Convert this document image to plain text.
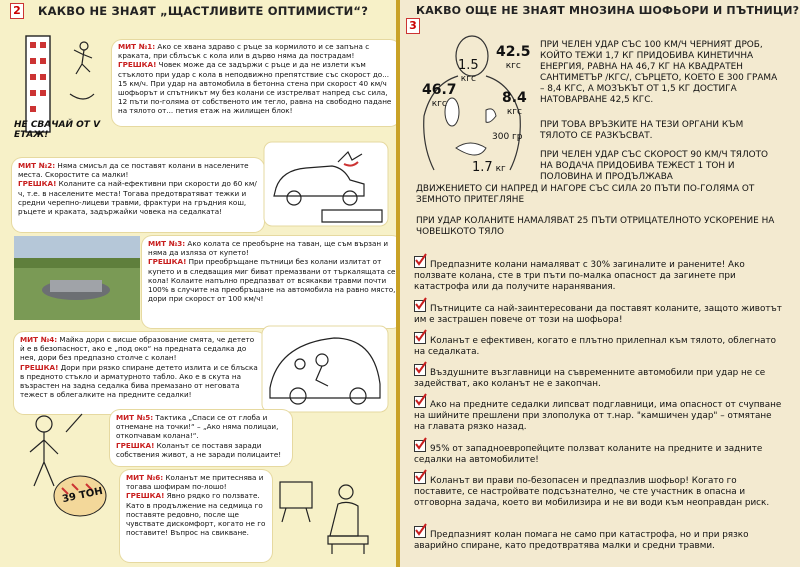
2 КАКВО НЕ ЗНАЯТ „ЩАСТЛИВИТЕ ОПТИМИСТИ“?
НЕ СВАЧАЙ ОТ V ЕТАЖ!

МИТ №1: Ако се хвана здраво с ръце за кормилото и се запъна с краката, при сблъсък с кола или в дърво няма да пострадам!

ГРЕШКА! Човек може да се задържи с ръце и да не излети към стъклото при удар с кола в неподвижно препятствие със скорост до... 15 км/ч. При удар на автомобила в бетонна стена при скорост 40 км/ч шофьорът и спътникът му без колани се изстрелват напред със сила, 12 пъти по-голяма от собственото им тегло, равна на свободно падане на тялото от... петия етаж на жилищен блок!

МИТ №2: Няма смисъл да се поставят колани в населените места. Скоростите са малки!

ГРЕШКА! Коланите са най-ефективни при скорости до 60 км/ч, т.е. в населените места! Тогава предотвратяват тежки и средни черепно-лицеви травми, фрактури на гръдния кош, ръцете и краката, задържайки човека на седалката!

МИТ №3: Ако колата се преобърне на таван, ще съм вързан и няма да изляза от купето!

ГРЕШКА! При преобръщане пътници без колани излитат от купето и в следващия миг биват премазвани от търкалящата се кола! Колаите напълно предпазват от всякакви травми почти 100% в случите на преобръщане на автомобила на равно място, дори при скорост от 100 км/ч!

МИТ №4: Майка дори с висше образование смята, че детето ѝ е в безопасност, ако е „под око“ на предната седалка до нея, дори без предпазно столче с колан!

ГРЕШКА! Дори при рязко спиране детето излита и се блъска в предното стъкло и арматурното табло. Ако е в скута на възрастен на задна седалка бива премазано от неговата тежест в облегалките на предните седалки!

39 ТОН

МИТ №5: Тактика „Спаси се от глоба и отнемане на точки!“ – „Ако няма полицаи, откопчавам колана!“.

ГРЕШКА! Коланът се поставя заради собствения живот, а не заради полицаите!

МИТ №6: Коланът ме притеснява и тогава шофирам по-лошо!

ГРЕШКА! Явно рядко го ползвате. Като в продължение на седмица го поставяте редовно, после ще чувствате дискомфорт, когато не го поставите! Въпрос на свикване.

3
КАКВО ОЩЕ НЕ ЗНАЯТ МНОЗИНА ШОФЬОРИ И ПЪТНИЦИ?
1.5
кгс
42.5
кгс
46.7
кгс	8.4
кгс
300 гр
1.7 кг
ПРИ ЧЕЛЕН УДАР СЪС 100 КМ/Ч ЧЕРНИЯТ ДРОБ, КОЙТО ТЕЖИ 1,7 КГ ПРИДОБИВА КИНЕТИЧНА ЕНЕРГИЯ, РАВНА НА 46,7 КГ НА КВАДРАТЕН САНТИМЕТЪР /КГС/, СЪРЦЕТО, КОЕТО Е 300 ГРАМА – 8,4 КГС, А МОЗЪКЪТ ОТ 1,5 КГ ДОСТИГА НАТОВАРВАНЕ 42,5 КГС.
ПРИ ТОВА ВРЪЗКИТЕ НА ТЕЗИ ОРГАНИ КЪМ ТЯЛОТО СЕ РАЗКЪСВАТ.
ПРИ ЧЕЛЕН УДАР СЪС СКОРОСТ 90 КМ/Ч ТЯЛОТО НА ВОДАЧА ПРИДОБИВА ТЕЖЕСТ 1 ТОН И ПОЛОВИНА И ПРОДЪЛЖАВА
ДВИЖЕНИЕТО СИ НАПРЕД И НАГОРЕ СЪС СИЛА 20 ПЪТИ ПО-ГОЛЯМА ОТ ЗЕМНОТО ПРИТЕГЛЯНЕ
ПРИ УДАР КОЛАНИТЕ НАМАЛЯВАТ 25 ПЪТИ ОТРИЦАТЕЛНОТО УСКОРЕНИЕ НА ЧОВЕШКОТО ТЯЛО
Предпазните колани намаляват с 30% загиналите и ранените! Ако ползвате колана, сте в три пъти по-малка опасност да загинете при катастрофа или да получите наранявания.
Пътниците са най-заинтересовани да поставят коланите, защото животът им е застрашен повече от този на шофьора!
Коланът е ефективен, когато е плътно прилепнал към тялото, облегнато на седалката.
Въздушните възглавници на съвременните автомобили при удар не се задействат, ако коланът не е закопчан.
Ако на предните седалки липсват подглавници, има опасност от счупване на шийните прешлени при злополука от т.нар. "камшичен удар" – отмятане на главата рязко назад.
95% от западноевропейците ползват коланите на предните и задните седалки на автомобилите!
Коланът ви прави по-безопасен и предпазлив шофьор! Когато го поставите, се настройвате подсъзнателно, че сте участник в опасна и отговорна задача, което ви мобилизира и не ви води към неоправдан риск.
Предпазният колан помага не само при катастрофа, но и при рязко аварийно спиране, като предотвратява малки и средни травми.
